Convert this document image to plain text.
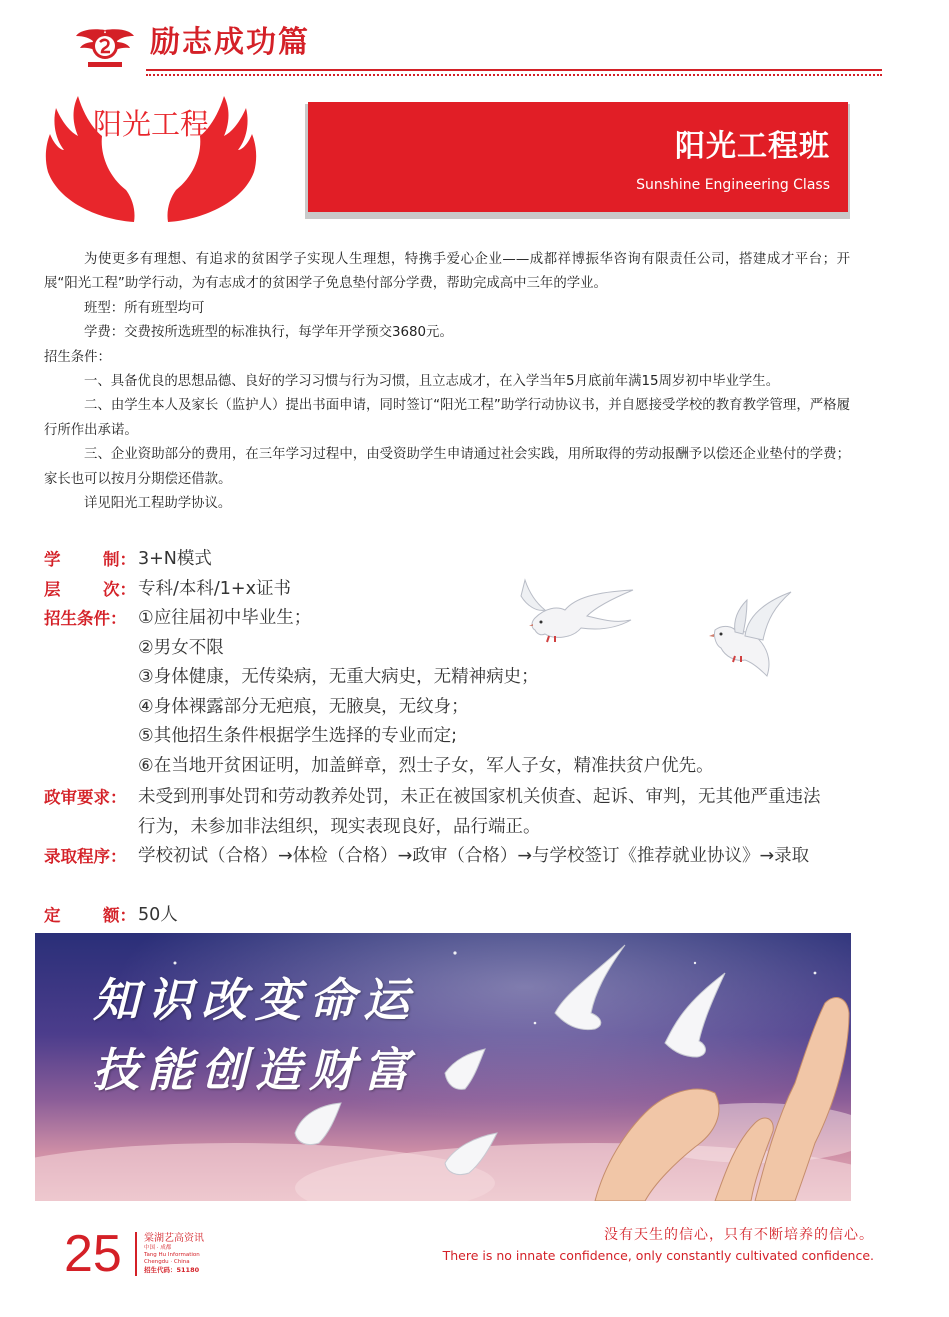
励志成功篇
阳光工程
阳光工程班
Sunshine Engineering Class

为使更多有理想、有追求的贫困学子实现人生理想，特携手爱心企业——成都祥博振华咨询有限责任公司，搭建成才平台；开展“阳光工程”助学行动，为有志成才的贫困学子免息垫付部分学费，帮助完成高中三年的学业。

班型：所有班型均可

学费：交费按所选班型的标准执行，每学年开学预交3680元。

招生条件：

一、具备优良的思想品德、良好的学习习惯与行为习惯，且立志成才，在入学当年5月底前年满15周岁初中毕业学生。

二、由学生本人及家长（监护人）提出书面申请，同时签订“阳光工程”助学行动协议书，并自愿接受学校的教育教学管理，严格履行所作出承诺。

三、企业资助部分的费用，在三年学习过程中，由受资助学生申请通过社会实践，用所取得的劳动报酬予以偿还企业垫付的学费；家长也可以按月分期偿还借款。

详见阳光工程助学协议。

学	制： 3+N模式
层	次： 专科/本科/1+x证书
招生条件： ①应往届初中毕业生；
②男女不限
③身体健康，无传染病，无重大病史，无精神病史；
④身体裸露部分无疤痕，无腋臭，无纹身；
⑤其他招生条件根据学生选择的专业而定;
⑥在当地开贫困证明，加盖鲜章，烈士子女，军人子女，精准扶贫户优先。
政审要求： 未受到刑事处罚和劳动教养处罚，未正在被国家机关侦查、起诉、审判，无其他严重违法行为，未参加非法组织，现实表现良好，品行端正。
录取程序： 学校初试（合格）→体检（合格）→政审（合格）→与学校签订《推荐就业协议》→录取
定	额： 50人
知识改变命运
技能创造财富
25 棠湖艺高资讯
中国 · 成都
Tang Hu Information
Chengdu · China
招生代码：51180
没有天生的信心，只有不断培养的信心。
There is no innate confidence, only constantly cultivated confidence.
